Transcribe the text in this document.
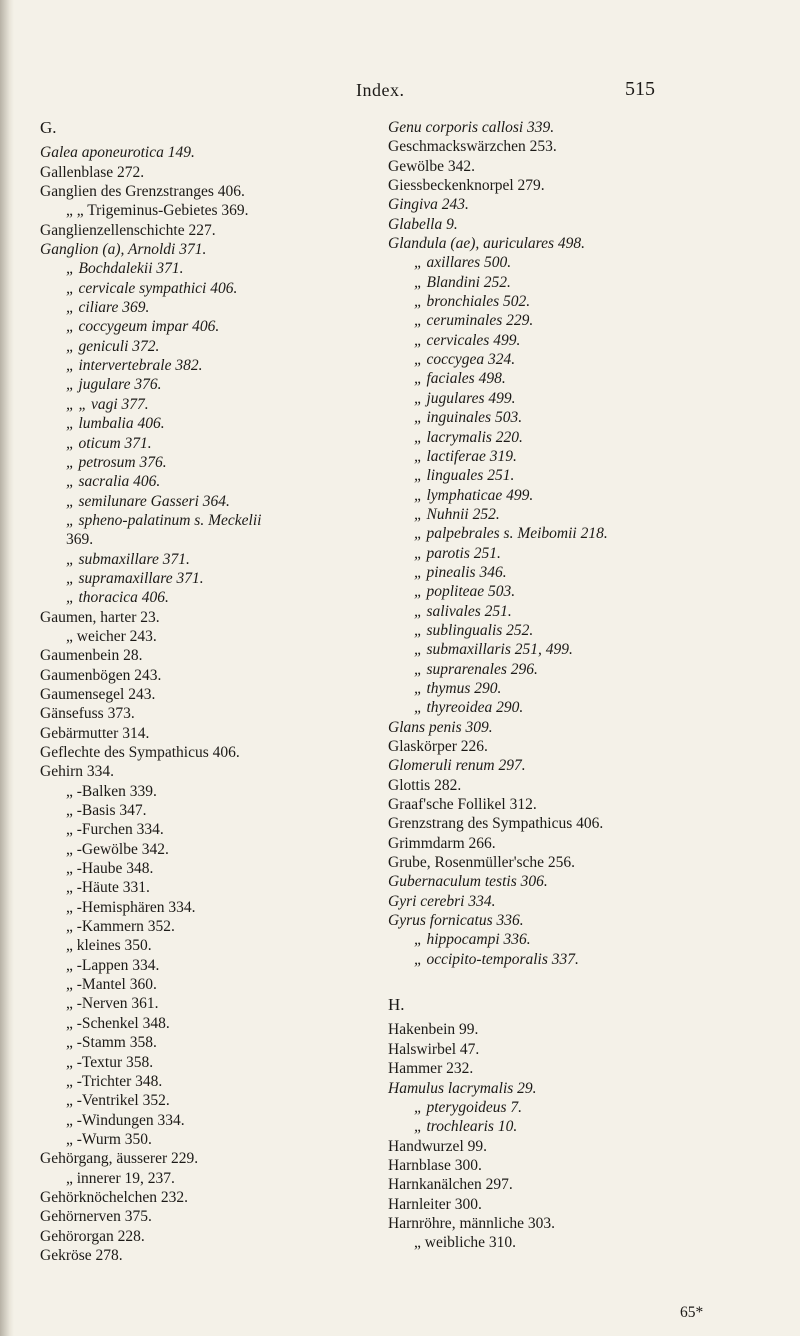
Index.	515
G.
Galea aponeurotica 149.
Gallenblase 272.
Ganglien des Grenzstranges 406.
„ „ Trigeminus-Gebietes 369.
Ganglienzellenschichte 227.
Ganglion (a), Arnoldi 371.
„ Bochdalekii 371.
„ cervicale sympathici 406.
„ ciliare 369.
„ coccygeum impar 406.
„ geniculi 372.
„ intervertebrale 382.
„ jugulare 376.
„ „ vagi 377.
„ lumbalia 406.
„ oticum 371.
„ petrosum 376.
„ sacralia 406.
„ semilunare Gasseri 364.
„ spheno-palatinum s. Meckelii
369.
„ submaxillare 371.
„ supramaxillare 371.
„ thoracica 406.
Gaumen, harter 23.
„ weicher 243.
Gaumenbein 28.
Gaumenbögen 243.
Gaumensegel 243.
Gänsefuss 373.
Gebärmutter 314.
Geflechte des Sympathicus 406.
Gehirn 334.
„ -Balken 339.
„ -Basis 347.
„ -Furchen 334.
„ -Gewölbe 342.
„ -Haube 348.
„ -Häute 331.
„ -Hemisphären 334.
„ -Kammern 352.
„ kleines 350.
„ -Lappen 334.
„ -Mantel 360.
„ -Nerven 361.
„ -Schenkel 348.
„ -Stamm 358.
„ -Textur 358.
„ -Trichter 348.
„ -Ventrikel 352.
„ -Windungen 334.
„ -Wurm 350.
Gehörgang, äusserer 229.
„ innerer 19, 237.
Gehörknöchelchen 232.
Gehörnerven 375.
Gehörorgan 228.
Gekröse 278.
Genu corporis callosi 339.
Geschmackswärzchen 253.
Gewölbe 342.
Giessbeckenknorpel 279.
Gingiva 243.
Glabella 9.
Glandula (ae), auriculares 498.
„ axillares 500.
„ Blandini 252.
„ bronchiales 502.
„ ceruminales 229.
„ cervicales 499.
„ coccygea 324.
„ faciales 498.
„ jugulares 499.
„ inguinales 503.
„ lacrymalis 220.
„ lactiferae 319.
„ linguales 251.
„ lymphaticae 499.
„ Nuhnii 252.
„ palpebrales s. Meibomii 218.
„ parotis 251.
„ pinealis 346.
„ popliteae 503.
„ salivales 251.
„ sublingualis 252.
„ submaxillaris 251, 499.
„ suprarenales 296.
„ thymus 290.
„ thyreoidea 290.
Glans penis 309.
Glaskörper 226.
Glomeruli renum 297.
Glottis 282.
Graaf'sche Follikel 312.
Grenzstrang des Sympathicus 406.
Grimmdarm 266.
Grube, Rosenmüller'sche 256.
Gubernaculum testis 306.
Gyri cerebri 334.
Gyrus fornicatus 336.
„ hippocampi 336.
„ occipito-temporalis 337.
H.
Hakenbein 99.
Halswirbel 47.
Hammer 232.
Hamulus lacrymalis 29.
„ pterygoideus 7.
„ trochlearis 10.
Handwurzel 99.
Harnblase 300.
Harnkanälchen 297.
Harnleiter 300.
Harnröhre, männliche 303.
„ weibliche 310.
65*
